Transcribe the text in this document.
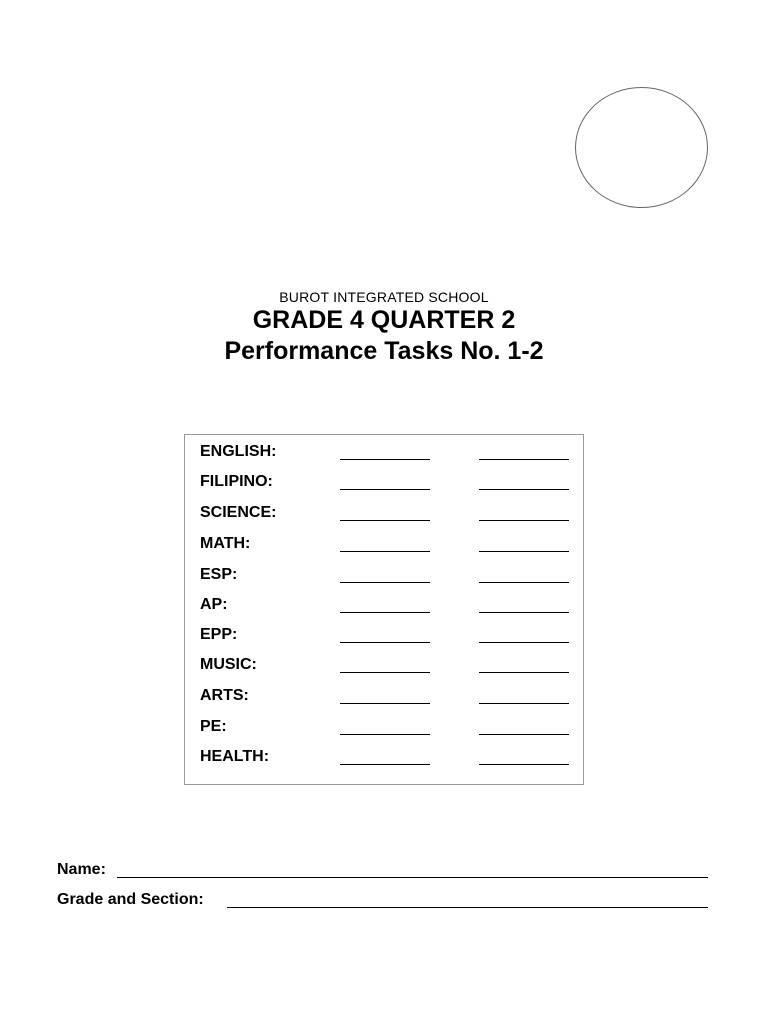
BUROT INTEGRATED SCHOOL
GRADE 4 QUARTER 2
Performance Tasks No. 1-2
ENGLISH:
FILIPINO:
SCIENCE:
MATH:
ESP:
AP:
EPP:
MUSIC:
ARTS:
PE:
HEALTH:
Name:
Grade and Section:
